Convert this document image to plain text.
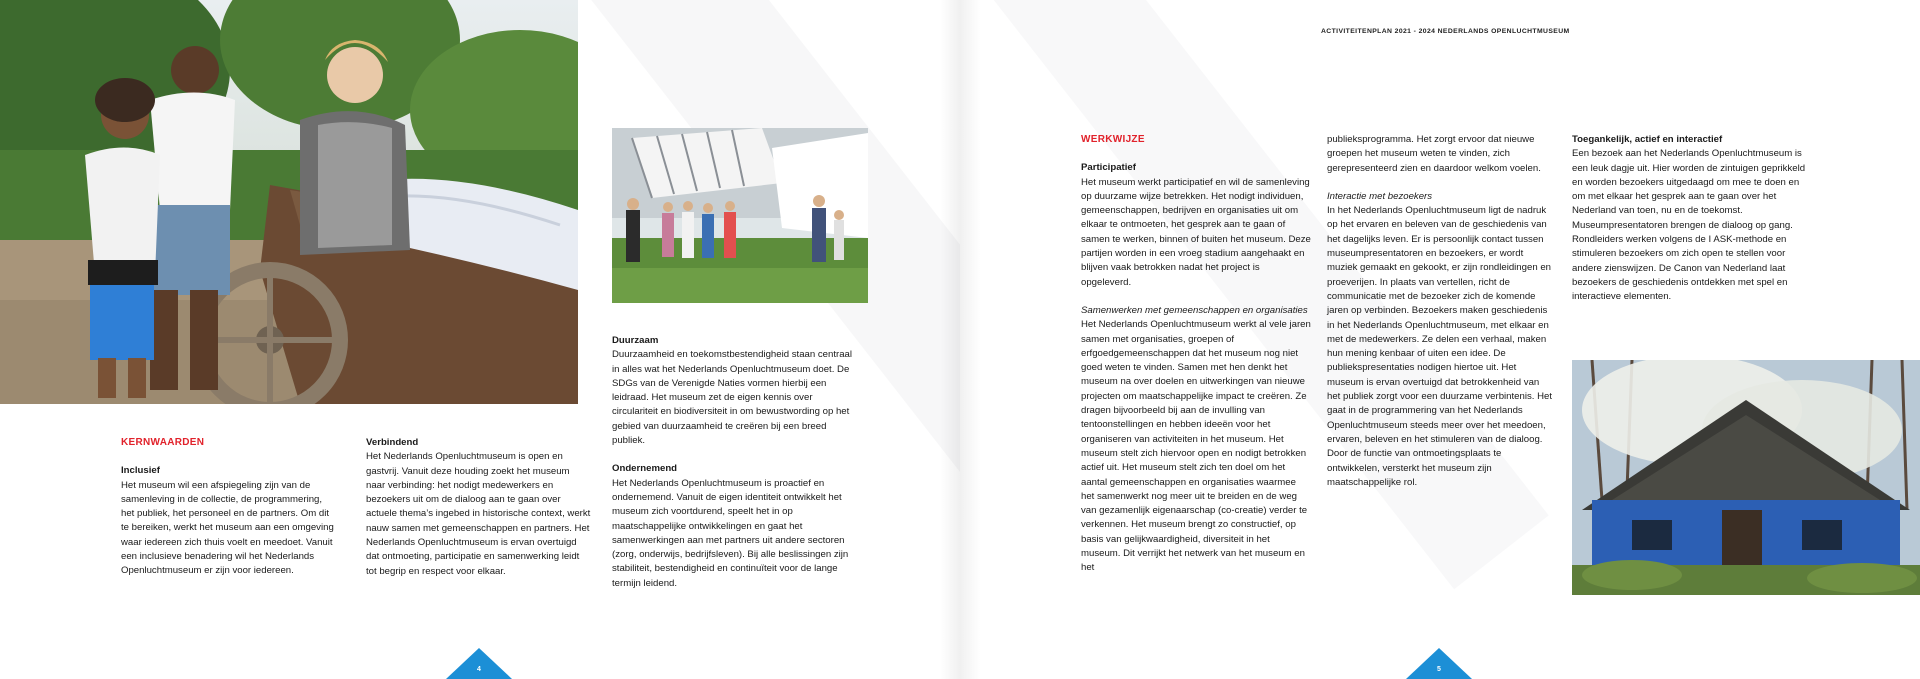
KERNWAARDEN

Inclusief
Het museum wil een afspiegeling zijn van de samenleving in de collectie, de programmering, het publiek, het personeel en de partners. Om dit te bereiken, werkt het museum aan een omgeving waar iedereen zich thuis voelt en meedoet. Vanuit een inclusieve benadering wil het Nederlands Openluchtmuseum er zijn voor iedereen.

Verbindend
Het Nederlands Openluchtmuseum is open en gastvrij. Vanuit deze houding zoekt het museum naar verbinding: het nodigt medewerkers en bezoekers uit om de dialoog aan te gaan over actuele thema’s ingebed in historische context, werkt nauw samen met gemeenschappen en partners. Het Nederlands Openluchtmuseum is ervan overtuigd dat ontmoeting, participatie en samenwerking leidt tot begrip en respect voor elkaar.

Duurzaam
Duurzaamheid en toekomstbestendigheid staan centraal in alles wat het Nederlands Openluchtmuseum doet. De SDGs van de Verenigde Naties vormen hierbij een leidraad. Het museum zet de eigen kennis over circulariteit en biodiversiteit in om bewustwording op het gebied van duurzaamheid te creëren bij een breed publiek.

Ondernemend
Het Nederlands Openluchtmuseum is proactief en ondernemend. Vanuit de eigen identiteit ontwikkelt het museum zich voortdurend, speelt het in op maatschappelijke ontwikkelingen en gaat het samenwerkingen aan met partners uit andere sectoren (zorg, onderwijs, bedrijfsleven). Bij alle beslissingen zijn stabiliteit, bestendigheid en continuïteit voor de lange termijn leidend.

4
WERKWIJZE

Participatief
Het museum werkt participatief en wil de samenleving op duurzame wijze betrekken. Het nodigt individuen, gemeenschappen, bedrijven en organisaties uit om elkaar te ontmoeten, het gesprek aan te gaan of samen te werken, binnen of buiten het museum. Deze partijen worden in een vroeg stadium aangehaakt en blijven vaak betrokken nadat het project is opgeleverd.

Samenwerken met gemeenschappen en organisaties
Het Nederlands Openluchtmuseum werkt al vele jaren samen met organisaties, groepen of erfgoedgemeenschappen dat het museum nog niet goed weten te vinden. Samen met hen denkt het museum na over doelen en uitwerkingen van nieuwe projecten om maatschappelijke impact te creëren. Ze dragen bijvoorbeeld bij aan de invulling van tentoonstellingen en hebben ideeën voor het organiseren van activiteiten in het museum. Het museum stelt zich hiervoor open en nodigt betrokken actief uit. Het museum stelt zich ten doel om het aantal gemeenschappen en organisaties waarmee het samenwerkt nog meer uit te breiden en de weg van gezamenlijk eigenaarschap (co-creatie) verder te verkennen. Het museum brengt zo constructief, op basis van gelijkwaardigheid, diversiteit in het museum. Dit verrijkt het netwerk van het museum en het

publieksprogramma. Het zorgt ervoor dat nieuwe groepen het museum weten te vinden, zich gerepresenteerd zien en daardoor welkom voelen.

Interactie met bezoekers
In het Nederlands Openluchtmuseum ligt de nadruk op het ervaren en beleven van de geschiedenis van het dagelijks leven. Er is persoonlijk contact tussen museumpresentatoren en bezoekers, er wordt muziek gemaakt en gekookt, er zijn rondleidingen en proeverijen. In plaats van vertellen, richt de communicatie met de bezoeker zich de komende jaren op verbinden. Bezoekers maken geschiedenis in het Nederlands Openluchtmuseum, met elkaar en met de medewerkers. Ze delen een verhaal, maken hun mening kenbaar of uiten een idee. De publiekspresentaties nodigen hiertoe uit. Het museum is ervan overtuigd dat betrokkenheid van het publiek zorgt voor een duurzame verbintenis. Het gaat in de programmering van het Nederlands Openluchtmuseum steeds meer over het meedoen, ervaren, beleven en het stimuleren van de dialoog. Door de functie van ontmoetingsplaats te ontwikkelen, versterkt het museum zijn maatschappelijke rol.

Toegankelijk, actief en interactief
Een bezoek aan het Nederlands Openluchtmuseum is een leuk dagje uit. Hier worden de zintuigen geprikkeld en worden bezoekers uitgedaagd om mee te doen en om met elkaar het gesprek aan te gaan over het Nederland van toen, nu en de toekomst. Museumpresentatoren brengen de dialoog op gang. Rondleiders werken volgens de I ASK-methode en stimuleren bezoekers om zich open te stellen voor andere zienswijzen. De Canon van Nederland laat bezoekers de geschiedenis ontdekken met spel en interactieve elementen.

5
ACTIVITEITENPLAN 2021 - 2024 NEDERLANDS OPENLUCHTMUSEUM
